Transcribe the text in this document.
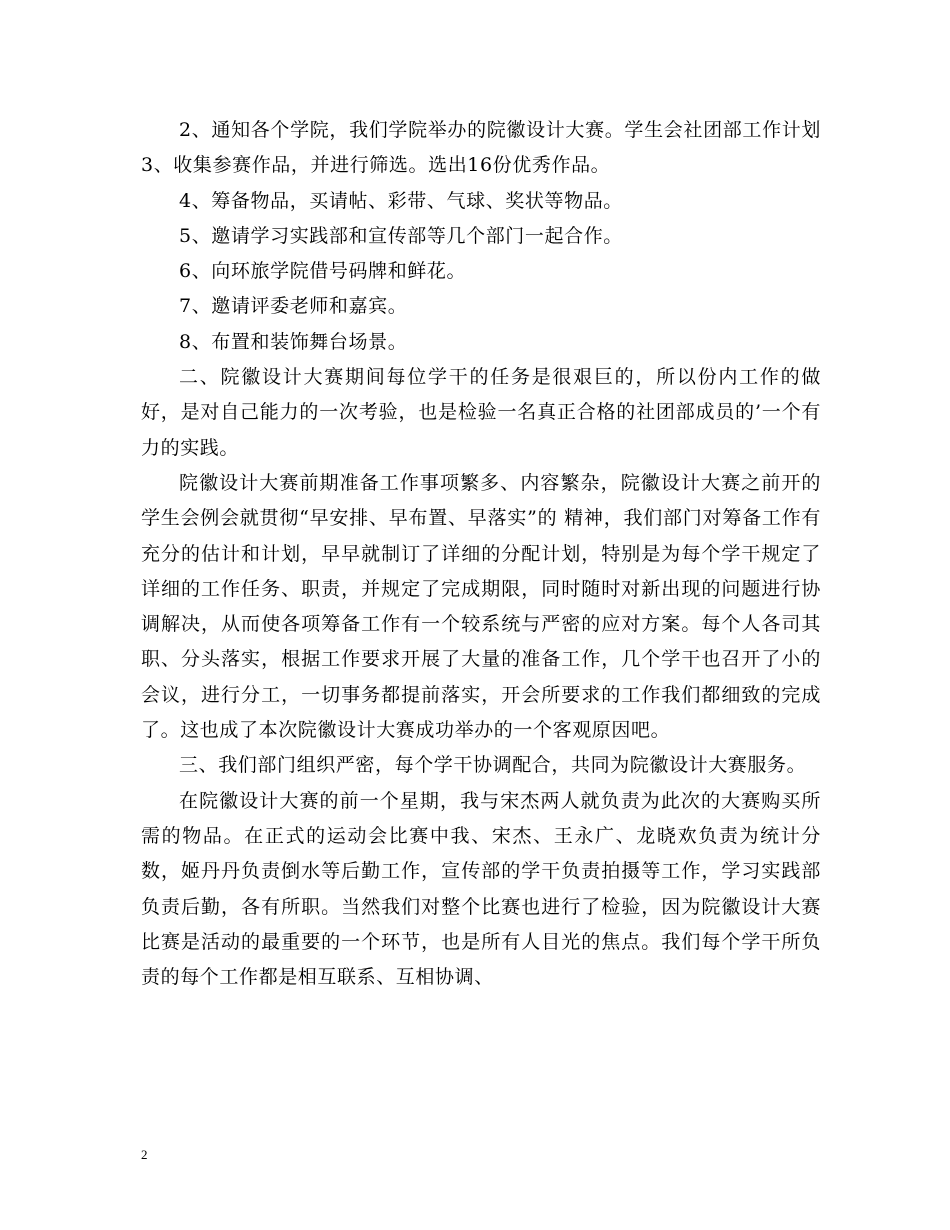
2、通知各个学院，我们学院举办的院徽设计大赛。学生会社团部工作计划3、收集参赛作品，并进行筛选。选出16份优秀作品。

4、筹备物品，买请帖、彩带、气球、奖状等物品。

5、邀请学习实践部和宣传部等几个部门一起合作。

6、向环旅学院借号码牌和鲜花。

7、邀请评委老师和嘉宾。

8、布置和装饰舞台场景。

二、院徽设计大赛期间每位学干的任务是很艰巨的，所以份内工作的做好，是对自己能力的一次考验，也是检验一名真正合格的社团部成员的’一个有力的实践。

院徽设计大赛前期准备工作事项繁多、内容繁杂，院徽设计大赛之前开的学生会例会就贯彻“早安排、早布置、早落实”的 精神，我们部门对筹备工作有充分的估计和计划，早早就制订了详细的分配计划，特别是为每个学干规定了详细的工作任务、职责，并规定了完成期限，同时随时对新出现的问题进行协调解决，从而使各项筹备工作有一个较系统与严密的应对方案。每个人各司其职、分头落实，根据工作要求开展了大量的准备工作，几个学干也召开了小的会议，进行分工，一切事务都提前落实，开会所要求的工作我们都细致的完成了。这也成了本次院徽设计大赛成功举办的一个客观原因吧。

三、我们部门组织严密，每个学干协调配合，共同为院徽设计大赛服务。

在院徽设计大赛的前一个星期，我与宋杰两人就负责为此次的大赛购买所需的物品。在正式的运动会比赛中我、宋杰、王永广、龙晓欢负责为统计分数，姬丹丹负责倒水等后勤工作，宣传部的学干负责拍摄等工作，学习实践部负责后勤，各有所职。当然我们对整个比赛也进行了检验，因为院徽设计大赛比赛是活动的最重要的一个环节，也是所有人目光的焦点。我们每个学干所负责的每个工作都是相互联系、互相协调、

2
